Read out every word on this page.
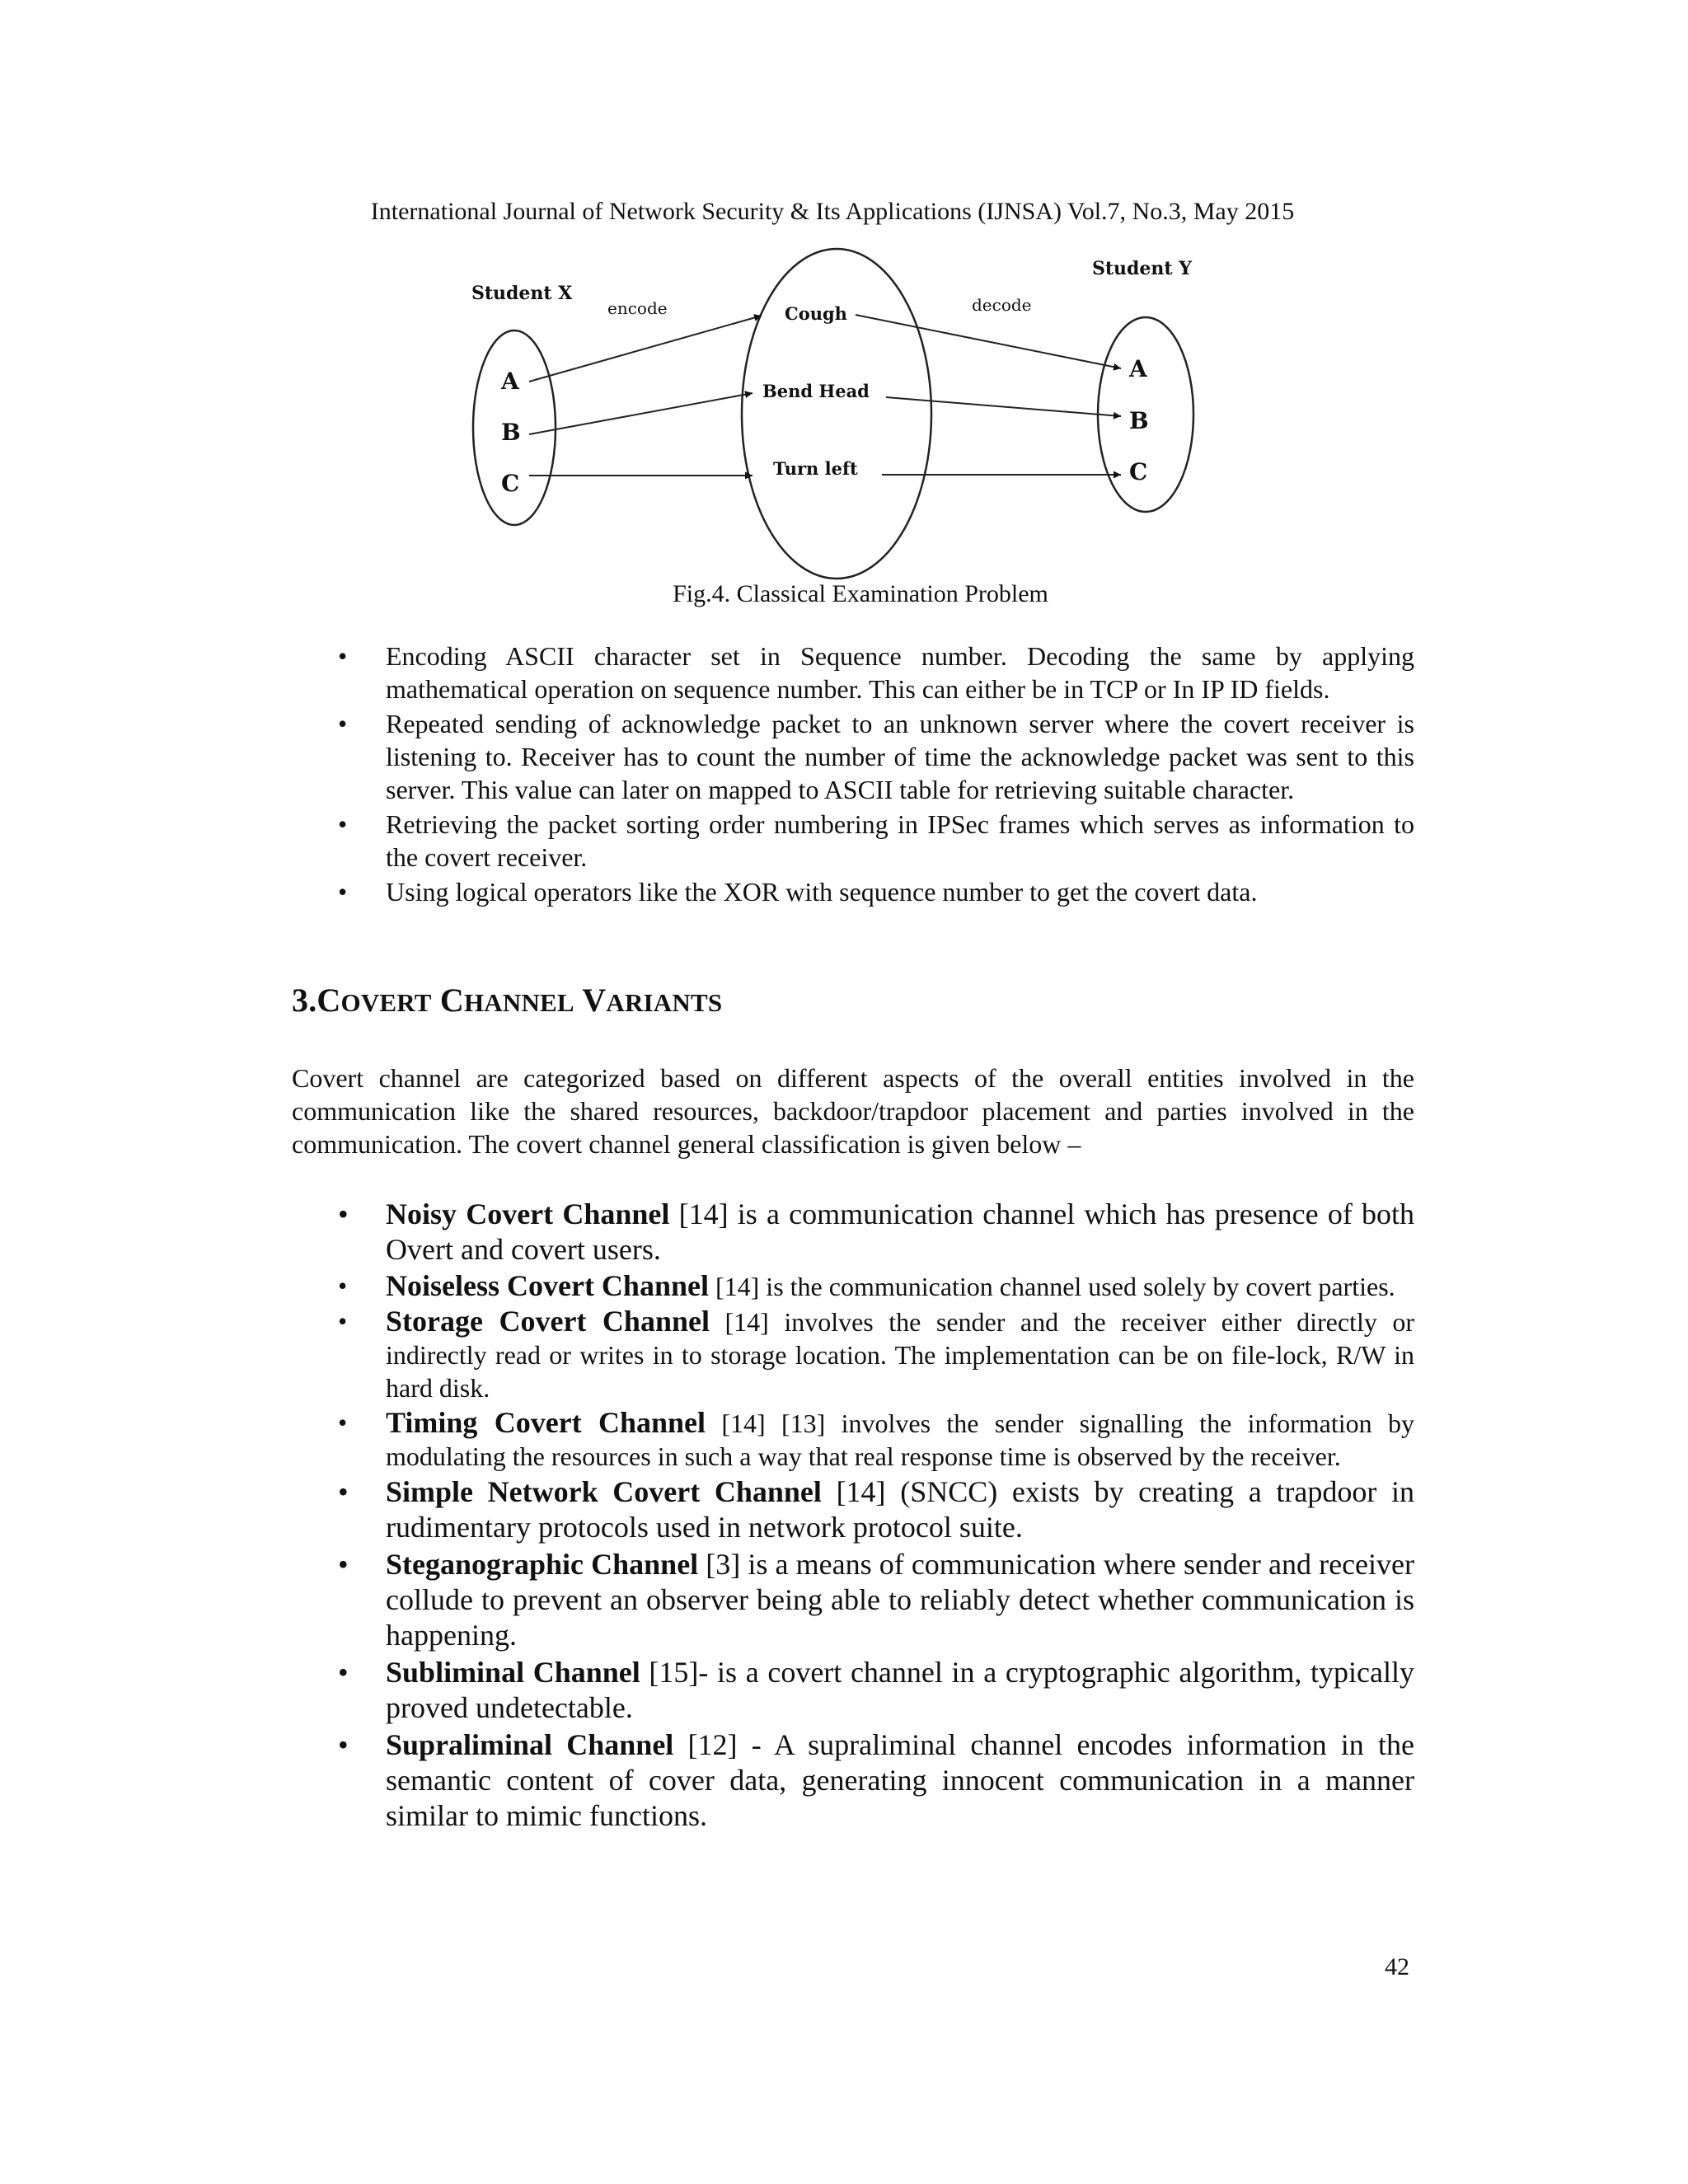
International Journal of Network Security & Its Applications (IJNSA) Vol.7, No.3, May 2015
Student X
Student Y
encode	decode
A
B
C
A
B
C
Cough
Bend Head
Turn left
Fig.4. Classical Examination Problem
• Encoding ASCII character set in Sequence number. Decoding the same by applying mathematical operation on sequence number. This can either be in TCP or In IP ID fields.
• Repeated sending of acknowledge packet to an unknown server where the covert receiver is listening to. Receiver has to count the number of time the acknowledge packet was sent to this server. This value can later on mapped to ASCII table for retrieving suitable character.
• Retrieving the packet sorting order numbering in IPSec frames which serves as information to the covert receiver.
• Using logical operators like the XOR with sequence number to get the covert data.
3.COVERT CHANNEL VARIANTS
Covert channel are categorized based on different aspects of the overall entities involved in the communication like the shared resources, backdoor/trapdoor placement and parties involved in the communication. The covert channel general classification is given below –
• Noisy Covert Channel [14] is a communication channel which has presence of both Overt and covert users.
• Noiseless Covert Channel [14] is the communication channel used solely by covert parties.
• Storage Covert Channel [14] involves the sender and the receiver either directly or indirectly read or writes in to storage location. The implementation can be on file-lock, R/W in hard disk.
• Timing Covert Channel [14] [13] involves the sender signalling the information by modulating the resources in such a way that real response time is observed by the receiver.
• Simple Network Covert Channel [14] (SNCC) exists by creating a trapdoor in rudimentary protocols used in network protocol suite.
• Steganographic Channel [3] is a means of communication where sender and receiver collude to prevent an observer being able to reliably detect whether communication is happening.
• Subliminal Channel [15]- is a covert channel in a cryptographic algorithm, typically proved undetectable.
• Supraliminal Channel [12] - A supraliminal channel encodes information in the semantic content of cover data, generating innocent communication in a manner similar to mimic functions.
42
